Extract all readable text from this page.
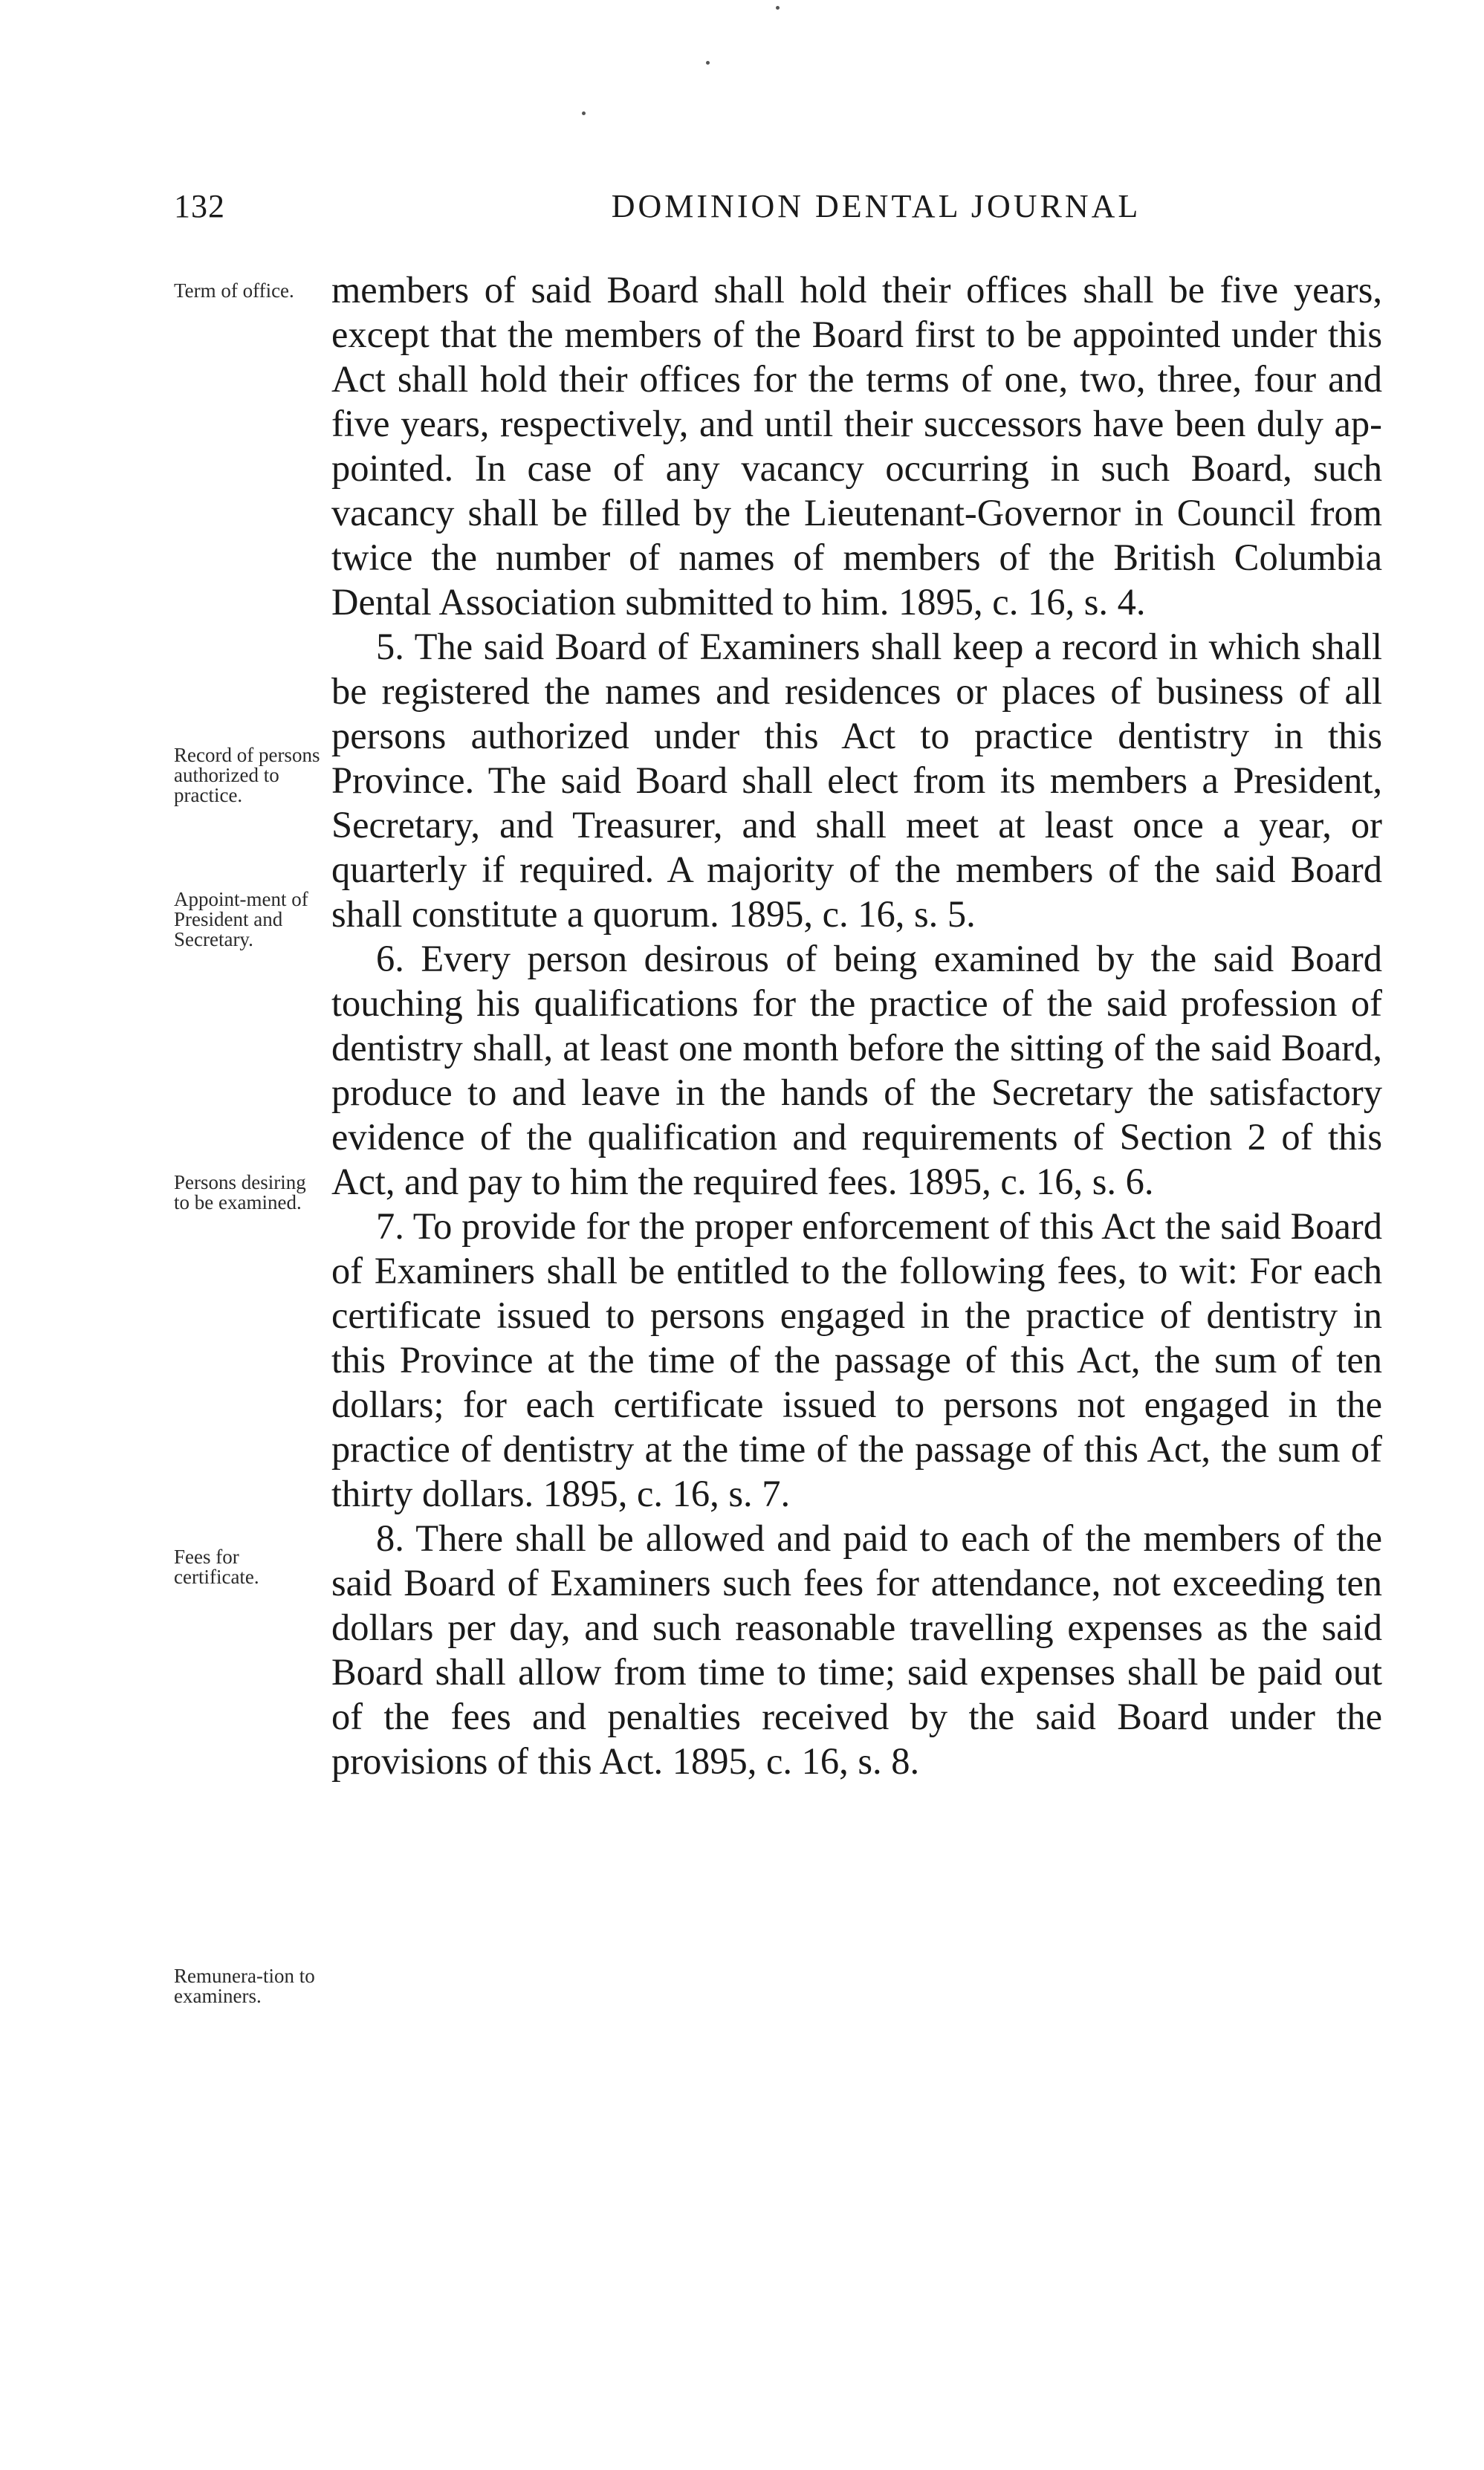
132	DOMINION DENTAL JOURNAL
Term of office.
Record of persons authorized to practice.
Appoint-ment of President and Secretary.
Persons desiring to be examined.
Fees for certificate.
Remunera-tion to examiners.

members of said Board shall hold their offices shall be five years, except that the members of the Board first to be appointed under this Act shall hold their offices for the terms of one, two, three, four and five years, respectively, and until their successors have been duly appointed. In case of any vacancy occurring in such Board, such vacancy shall be filled by the Lieutenant-Governor in Council from twice the number of names of members of the British Columbia Dental Association submitted to him. 1895, c. 16, s. 4.

5. The said Board of Examiners shall keep a record in which shall be registered the names and residences or places of business of all persons authorized under this Act to practice dentistry in this Province. The said Board shall elect from its members a President, Secretary, and Treasurer, and shall meet at least once a year, or quarterly if required. A majority of the members of the said Board shall constitute a quorum. 1895, c. 16, s. 5.

6. Every person desirous of being examined by the said Board touching his qualifications for the practice of the said profession of dentistry shall, at least one month before the sitting of the said Board, produce to and leave in the hands of the Secretary the satisfactory evidence of the qualification and requirements of Section 2 of this Act, and pay to him the required fees. 1895, c. 16, s. 6.

7. To provide for the proper enforcement of this Act the said Board of Examiners shall be entitled to the following fees, to wit: For each certificate issued to persons engaged in the practice of dentistry in this Province at the time of the passage of this Act, the sum of ten dollars; for each certificate issued to persons not engaged in the practice of dentistry at the time of the passage of this Act, the sum of thirty dollars. 1895, c. 16, s. 7.

8. There shall be allowed and paid to each of the members of the said Board of Examiners such fees for attendance, not exceeding ten dollars per day, and such reasonable travelling expenses as the said Board shall allow from time to time; said expenses shall be paid out of the fees and penalties received by the said Board under the provisions of this Act. 1895, c. 16, s. 8.
